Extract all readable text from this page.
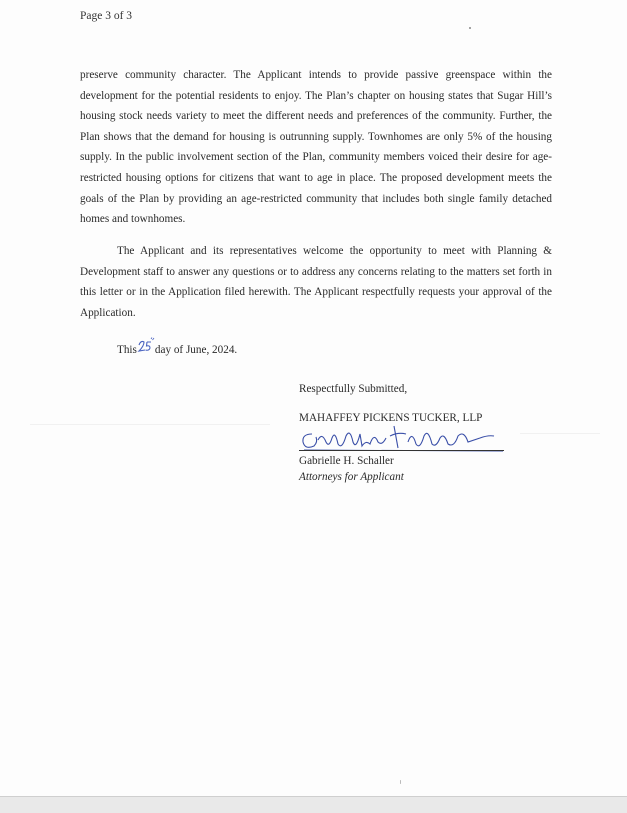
Page 3 of 3

preserve community character. The Applicant intends to provide passive greenspace within the development for the potential residents to enjoy. The Plan’s chapter on housing states that Sugar Hill’s housing stock needs variety to meet the different needs and preferences of the community. Further, the Plan shows that the demand for housing is outrunning supply. Townhomes are only 5% of the housing supply. In the public involvement section of the Plan, community members voiced their desire for age-restricted housing options for citizens that want to age in place. The proposed development meets the goals of the Plan by providing an age-restricted community that includes both single family detached homes and townhomes.

The Applicant and its representatives welcome the opportunity to meet with Planning & Development staff to answer any questions or to address any concerns relating to the matters set forth in this letter or in the Application filed herewith. The Applicant respectfully requests your approval of the Application.

This day of June, 2024.
Respectfully Submitted,
MAHAFFEY PICKENS TUCKER, LLP
Gabrielle H. Schaller
Attorneys for Applicant
